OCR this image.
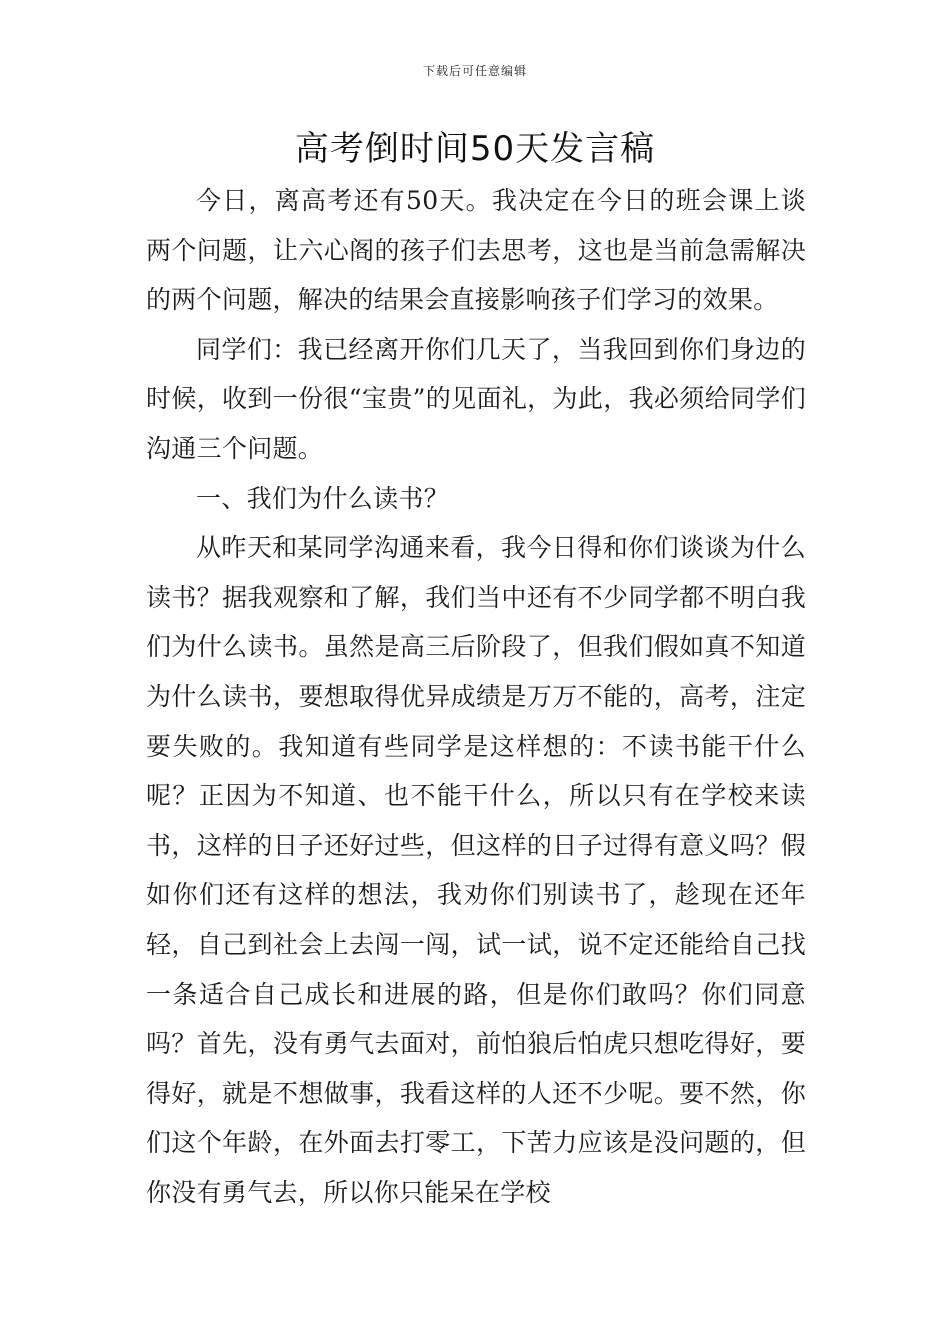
下载后可任意编辑
高考倒时间50天发言稿

今日，离高考还有50天。我决定在今日的班会课上谈两个问题，让六心阁的孩子们去思考，这也是当前急需解决的两个问题，解决的结果会直接影响孩子们学习的效果。

同学们：我已经离开你们几天了，当我回到你们身边的时候，收到一份很“宝贵”的见面礼，为此，我必须给同学们沟通三个问题。

一、我们为什么读书？

从昨天和某同学沟通来看，我今日得和你们谈谈为什么读书？据我观察和了解，我们当中还有不少同学都不明白我们为什么读书。虽然是高三后阶段了，但我们假如真不知道为什么读书，要想取得优异成绩是万万不能的，高考，注定要失败的。我知道有些同学是这样想的：不读书能干什么呢？正因为不知道、也不能干什么，所以只有在学校来读书，这样的日子还好过些，但这样的日子过得有意义吗？假如你们还有这样的想法，我劝你们别读书了，趁现在还年轻，自己到社会上去闯一闯，试一试，说不定还能给自己找一条适合自己成长和进展的路，但是你们敢吗？你们同意吗？首先，没有勇气去面对，前怕狼后怕虎只想吃得好，要得好，就是不想做事，我看这样的人还不少呢。要不然，你们这个年龄，在外面去打零工，下苦力应该是没问题的，但你没有勇气去，所以你只能呆在学校
